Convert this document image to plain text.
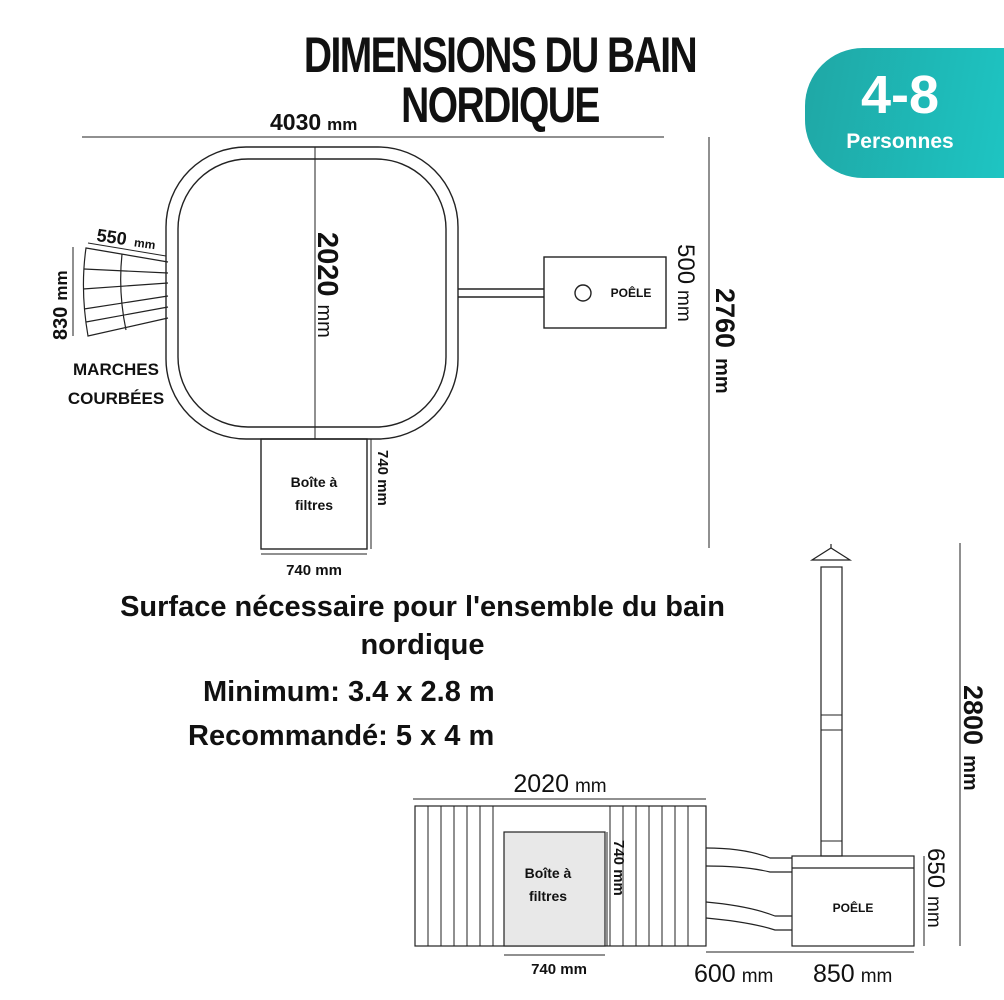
4030 mm
2020mm	2760mm
550 mm
830mm
MARCHES
COURBÉES
POÊLE
500mm
Boîte à
filtres	740 mm
740 mm
2020 mm
Boîte à
filtres
740 mm
740 mm
POÊLE
2800mm
650mm
600 mm 850 mm
DIMENSIONS DU BAIN NORDIQUE	4-8
Personnes
Surface nécessaire pour l'ensemble du bain nordique
Minimum: 3.4 x 2.8 m
Recommandé: 5 x 4 m
